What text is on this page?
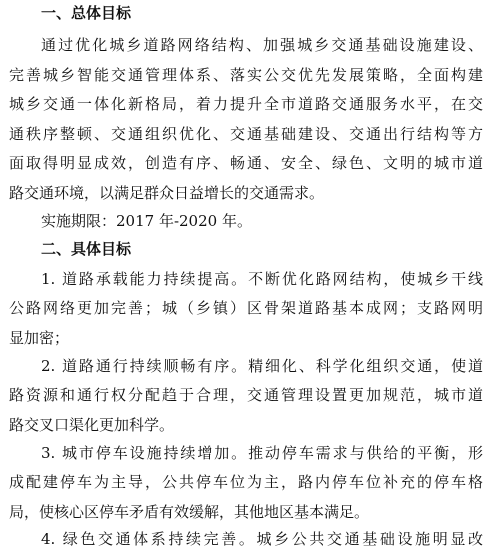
一、总体目标
通过优化城乡道路网络结构、加强城乡交通基础设施建设、
完善城乡智能交通管理体系、落实公交优先发展策略，全面构建
城乡交通一体化新格局，着力提升全市道路交通服务水平，在交
通秩序整顿、交通组织优化、交通基础建设、交通出行结构等方
面取得明显成效，创造有序、畅通、安全、绿色、文明的城市道
路交通环境，以满足群众日益增长的交通需求。
实施期限：2017 年-2020 年。
二、具体目标
1. 道路承载能力持续提高。不断优化路网结构，使城乡干线
公路网络更加完善；城（乡镇）区骨架道路基本成网；支路网明
显加密；
2. 道路通行持续顺畅有序。精细化、科学化组织交通，使道
路资源和通行权分配趋于合理，交通管理设置更加规范，城市道
路交叉口渠化更加科学。
3. 城市停车设施持续增加。推动停车需求与供给的平衡，形
成配建停车为主导，公共停车位为主，路内停车位补充的停车格
局，使核心区停车矛盾有效缓解，其他地区基本满足。
4. 绿色交通体系持续完善。城乡公共交通基础设施明显改
